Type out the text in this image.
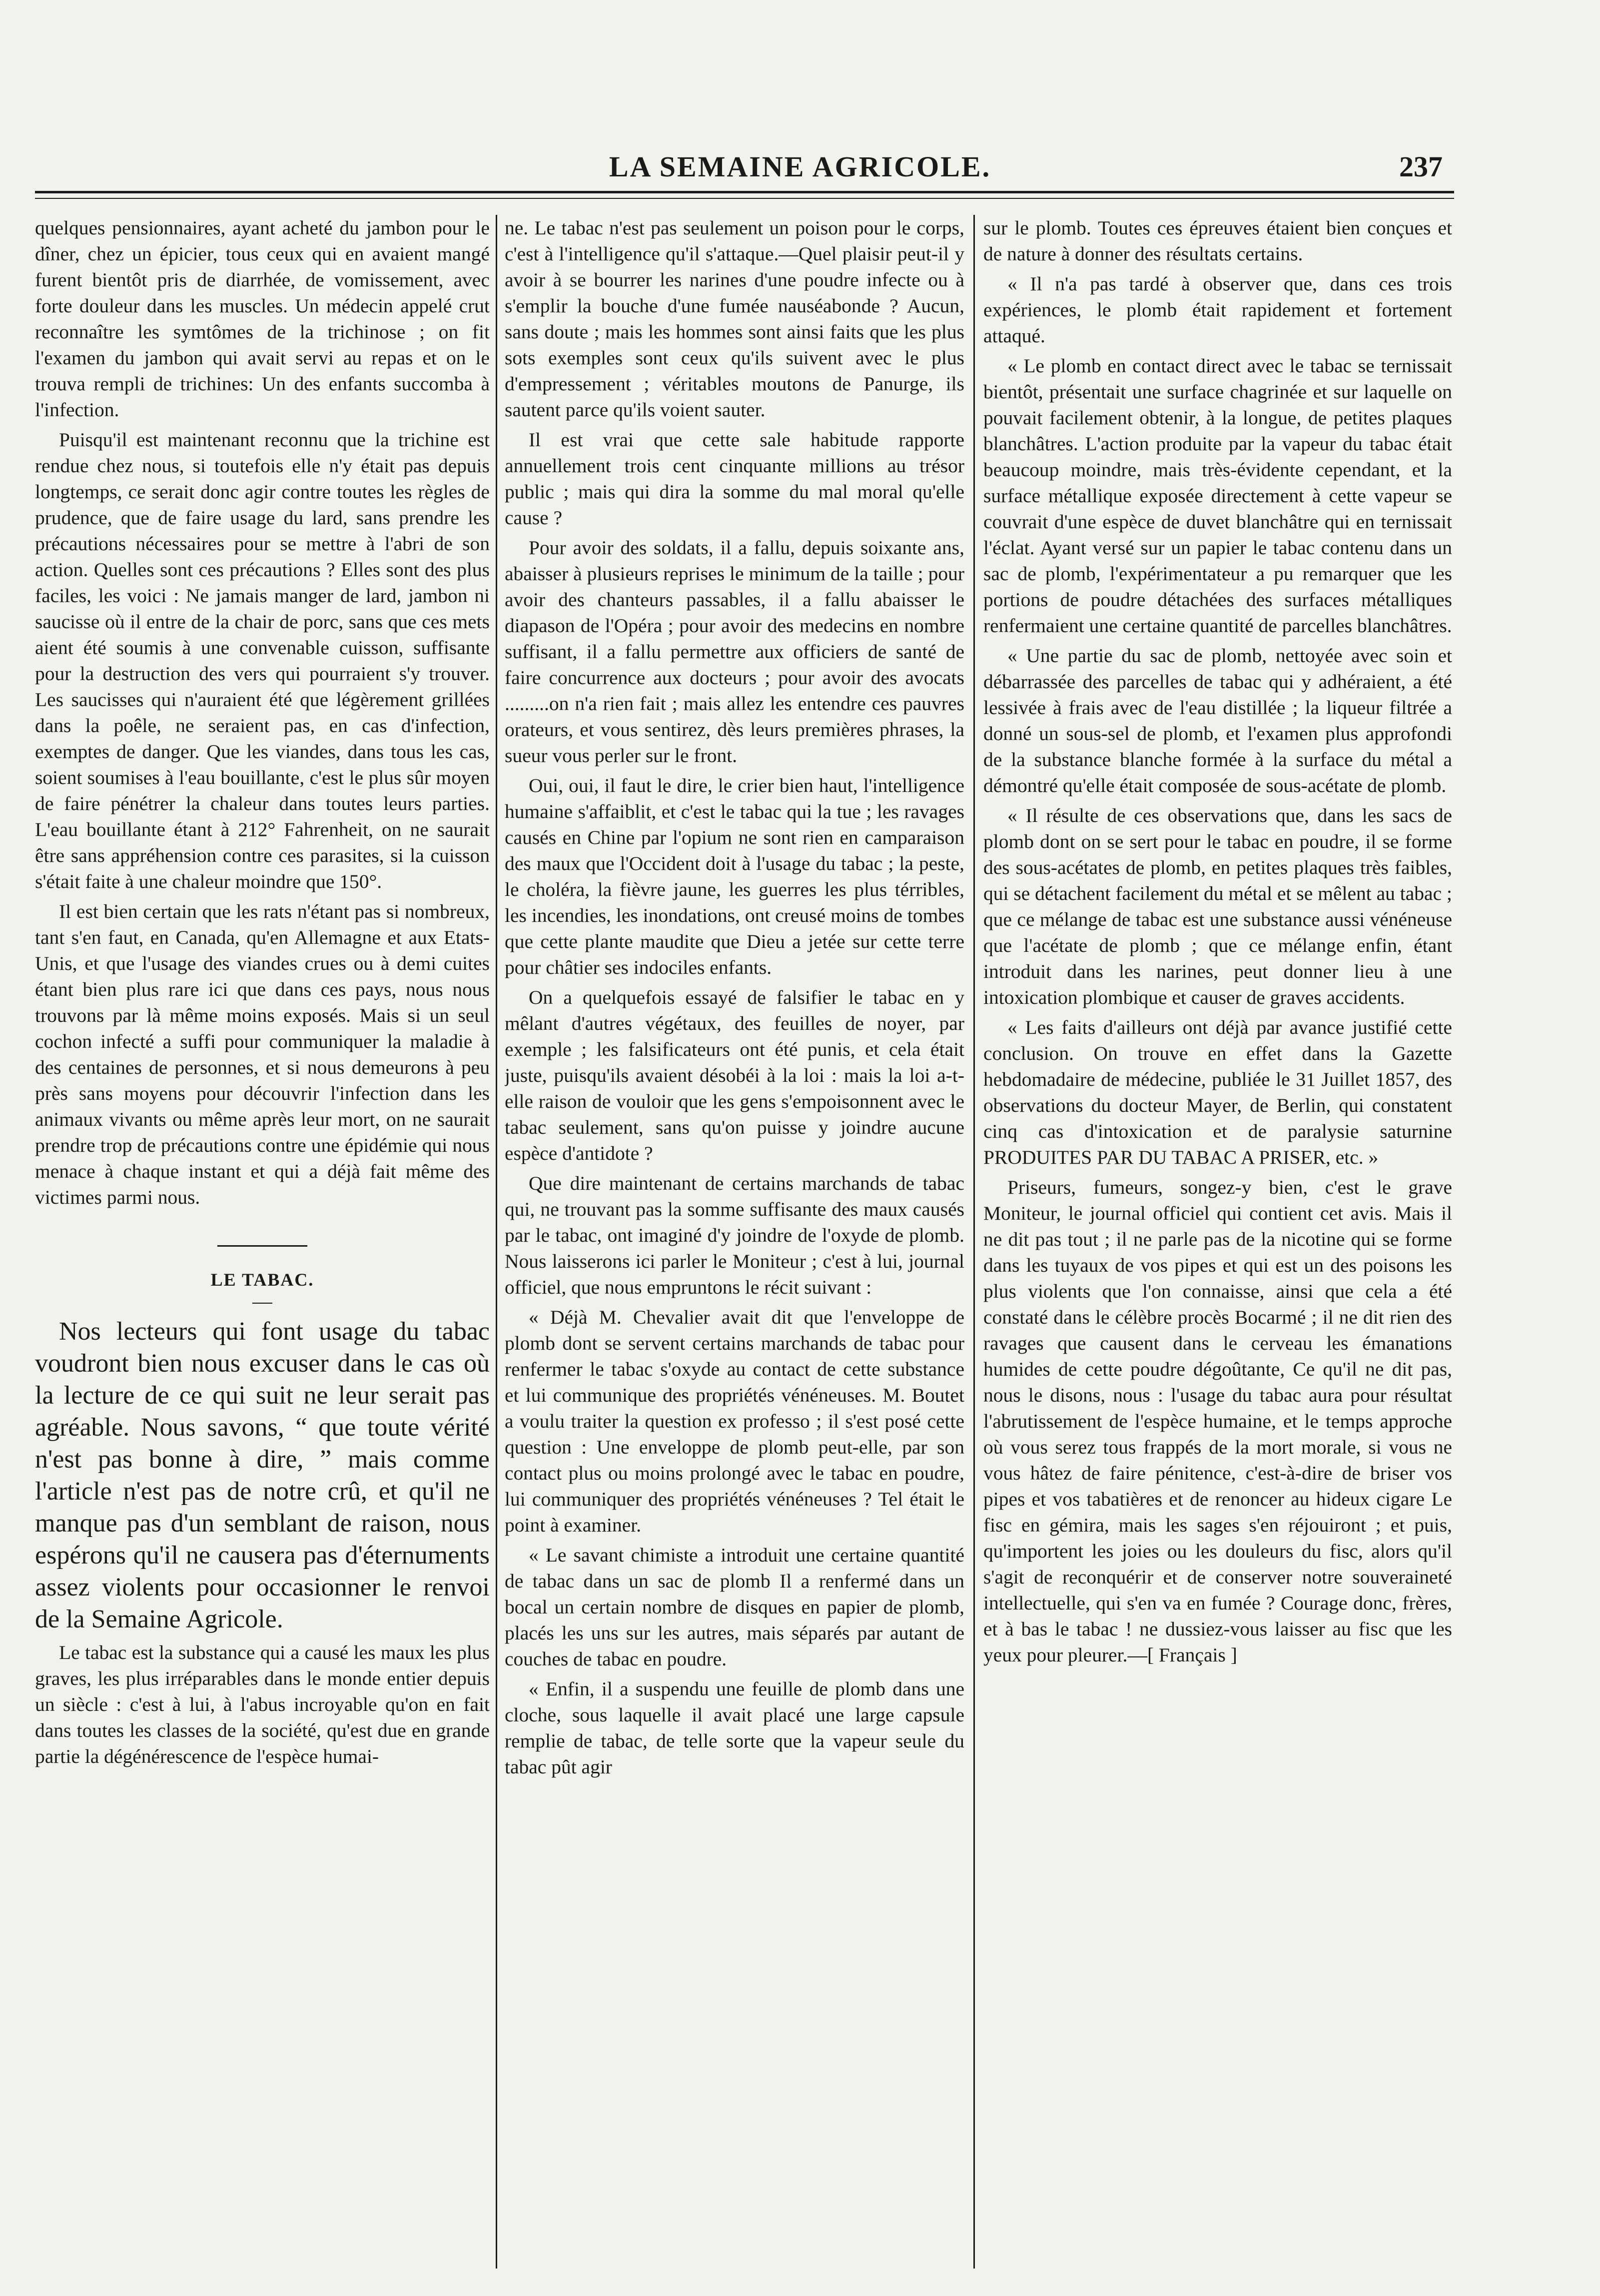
LA SEMAINE AGRICOLE.	237

quelques pensionnaires, ayant acheté du jambon pour le dîner, chez un épicier, tous ceux qui en avaient mangé furent bientôt pris de diarrhée, de vomissement, avec forte douleur dans les muscles. Un médecin appelé crut reconnaître les symtômes de la trichinose ; on fit l'examen du jambon qui avait servi au repas et on le trouva rempli de trichines: Un des enfants succomba à l'infection.

Puisqu'il est maintenant reconnu que la trichine est rendue chez nous, si toutefois elle n'y était pas depuis longtemps, ce serait donc agir contre toutes les règles de prudence, que de faire usage du lard, sans prendre les précautions nécessaires pour se mettre à l'abri de son action. Quelles sont ces précautions ? Elles sont des plus faciles, les voici : Ne jamais manger de lard, jambon ni saucisse où il entre de la chair de porc, sans que ces mets aient été soumis à une convenable cuisson, suffisante pour la destruction des vers qui pourraient s'y trouver. Les saucisses qui n'auraient été que légèrement grillées dans la poêle, ne seraient pas, en cas d'infection, exemptes de danger. Que les viandes, dans tous les cas, soient soumises à l'eau bouillante, c'est le plus sûr moyen de faire pénétrer la chaleur dans toutes leurs parties. L'eau bouillante étant à 212° Fahrenheit, on ne saurait être sans appréhension contre ces parasites, si la cuisson s'était faite à une chaleur moindre que 150°.

Il est bien certain que les rats n'étant pas si nombreux, tant s'en faut, en Canada, qu'en Allemagne et aux Etats-Unis, et que l'usage des viandes crues ou à demi cuites étant bien plus rare ici que dans ces pays, nous nous trouvons par là même moins exposés. Mais si un seul cochon infecté a suffi pour communiquer la maladie à des centaines de personnes, et si nous demeurons à peu près sans moyens pour découvrir l'infection dans les animaux vivants ou même après leur mort, on ne saurait prendre trop de précautions contre une épidémie qui nous menace à chaque instant et qui a déjà fait même des victimes parmi nous.

LE TABAC.

Nos lecteurs qui font usage du tabac voudront bien nous excuser dans le cas où la lecture de ce qui suit ne leur serait pas agréable. Nous savons, “ que toute vérité n'est pas bonne à dire, ” mais comme l'article n'est pas de notre crû, et qu'il ne manque pas d'un semblant de raison, nous espérons qu'il ne causera pas d'éternuments assez violents pour occasionner le renvoi de la Semaine Agricole.

Le tabac est la substance qui a causé les maux les plus graves, les plus irréparables dans le monde entier depuis un siècle : c'est à lui, à l'abus incroyable qu'on en fait dans toutes les classes de la société, qu'est due en grande partie la dégénérescence de l'espèce humai-

ne. Le tabac n'est pas seulement un poison pour le corps, c'est à l'intelligence qu'il s'attaque.—Quel plaisir peut-il y avoir à se bourrer les narines d'une poudre infecte ou à s'emplir la bouche d'une fumée nauséabonde ? Aucun, sans doute ; mais les hommes sont ainsi faits que les plus sots exemples sont ceux qu'ils suivent avec le plus d'empressement ; véritables moutons de Panurge, ils sautent parce qu'ils voient sauter.

Il est vrai que cette sale habitude rapporte annuellement trois cent cinquante millions au trésor public ; mais qui dira la somme du mal moral qu'elle cause ?

Pour avoir des soldats, il a fallu, depuis soixante ans, abaisser à plusieurs reprises le minimum de la taille ; pour avoir des chanteurs passables, il a fallu abaisser le diapason de l'Opéra ; pour avoir des medecins en nombre suffisant, il a fallu permettre aux officiers de santé de faire concurrence aux docteurs ; pour avoir des avocats .........on n'a rien fait ; mais allez les entendre ces pauvres orateurs, et vous sentirez, dès leurs premières phrases, la sueur vous perler sur le front.

Oui, oui, il faut le dire, le crier bien haut, l'intelligence humaine s'affaiblit, et c'est le tabac qui la tue ; les ravages causés en Chine par l'opium ne sont rien en camparaison des maux que l'Occident doit à l'usage du tabac ; la peste, le choléra, la fièvre jaune, les guerres les plus térribles, les incendies, les inondations, ont creusé moins de tombes que cette plante maudite que Dieu a jetée sur cette terre pour châtier ses indociles enfants.

On a quelquefois essayé de falsifier le tabac en y mêlant d'autres végétaux, des feuilles de noyer, par exemple ; les falsificateurs ont été punis, et cela était juste, puisqu'ils avaient désobéi à la loi : mais la loi a-t-elle raison de vouloir que les gens s'empoisonnent avec le tabac seulement, sans qu'on puisse y joindre aucune espèce d'antidote ?

Que dire maintenant de certains marchands de tabac qui, ne trouvant pas la somme suffisante des maux causés par le tabac, ont imaginé d'y joindre de l'oxyde de plomb. Nous laisserons ici parler le Moniteur ; c'est à lui, journal officiel, que nous empruntons le récit suivant :

« Déjà M. Chevalier avait dit que l'enveloppe de plomb dont se servent certains marchands de tabac pour renfermer le tabac s'oxyde au contact de cette substance et lui communique des propriétés vénéneuses. M. Boutet a voulu traiter la question ex professo ; il s'est posé cette question : Une enveloppe de plomb peut-elle, par son contact plus ou moins prolongé avec le tabac en poudre, lui communiquer des propriétés vénéneuses ? Tel était le point à examiner.

« Le savant chimiste a introduit une certaine quantité de tabac dans un sac de plomb Il a renfermé dans un bocal un certain nombre de disques en papier de plomb, placés les uns sur les autres, mais séparés par autant de couches de tabac en poudre.

« Enfin, il a suspendu une feuille de plomb dans une cloche, sous laquelle il avait placé une large capsule remplie de tabac, de telle sorte que la vapeur seule du tabac pût agir

sur le plomb. Toutes ces épreuves étaient bien conçues et de nature à donner des résultats certains.

« Il n'a pas tardé à observer que, dans ces trois expériences, le plomb était rapidement et fortement attaqué.

« Le plomb en contact direct avec le tabac se ternissait bientôt, présentait une surface chagrinée et sur laquelle on pouvait facilement obtenir, à la longue, de petites plaques blanchâtres. L'action produite par la vapeur du tabac était beaucoup moindre, mais très-évidente cependant, et la surface métallique exposée directement à cette vapeur se couvrait d'une espèce de duvet blanchâtre qui en ternissait l'éclat. Ayant versé sur un papier le tabac contenu dans un sac de plomb, l'expérimentateur a pu remarquer que les portions de poudre détachées des surfaces métalliques renfermaient une certaine quantité de parcelles blanchâtres.

« Une partie du sac de plomb, nettoyée avec soin et débarrassée des parcelles de tabac qui y adhéraient, a été lessivée à frais avec de l'eau distillée ; la liqueur filtrée a donné un sous-sel de plomb, et l'examen plus approfondi de la substance blanche formée à la surface du métal a démontré qu'elle était composée de sous-acétate de plomb.

« Il résulte de ces observations que, dans les sacs de plomb dont on se sert pour le tabac en poudre, il se forme des sous-acétates de plomb, en petites plaques très faibles, qui se détachent facilement du métal et se mêlent au tabac ; que ce mélange de tabac est une substance aussi vénéneuse que l'acétate de plomb ; que ce mélange enfin, étant introduit dans les narines, peut donner lieu à une intoxication plombique et causer de graves accidents.

« Les faits d'ailleurs ont déjà par avance justifié cette conclusion. On trouve en effet dans la Gazette hebdomadaire de médecine, publiée le 31 Juillet 1857, des observations du docteur Mayer, de Berlin, qui constatent cinq cas d'intoxication et de paralysie saturnine PRODUITES PAR DU TABAC A PRISER, etc. »

Priseurs, fumeurs, songez-y bien, c'est le grave Moniteur, le journal officiel qui contient cet avis. Mais il ne dit pas tout ; il ne parle pas de la nicotine qui se forme dans les tuyaux de vos pipes et qui est un des poisons les plus violents que l'on connaisse, ainsi que cela a été constaté dans le célèbre procès Bocarmé ; il ne dit rien des ravages que causent dans le cerveau les émanations humides de cette poudre dégoûtante, Ce qu'il ne dit pas, nous le disons, nous : l'usage du tabac aura pour résultat l'abrutissement de l'espèce humaine, et le temps approche où vous serez tous frappés de la mort morale, si vous ne vous hâtez de faire pénitence, c'est-à-dire de briser vos pipes et vos tabatières et de renoncer au hideux cigare Le fisc en gémira, mais les sages s'en réjouiront ; et puis, qu'importent les joies ou les douleurs du fisc, alors qu'il s'agit de reconquérir et de conserver notre souveraineté intellectuelle, qui s'en va en fumée ? Courage donc, frères, et à bas le tabac ! ne dussiez-vous laisser au fisc que les yeux pour pleurer.—[ Français ]
